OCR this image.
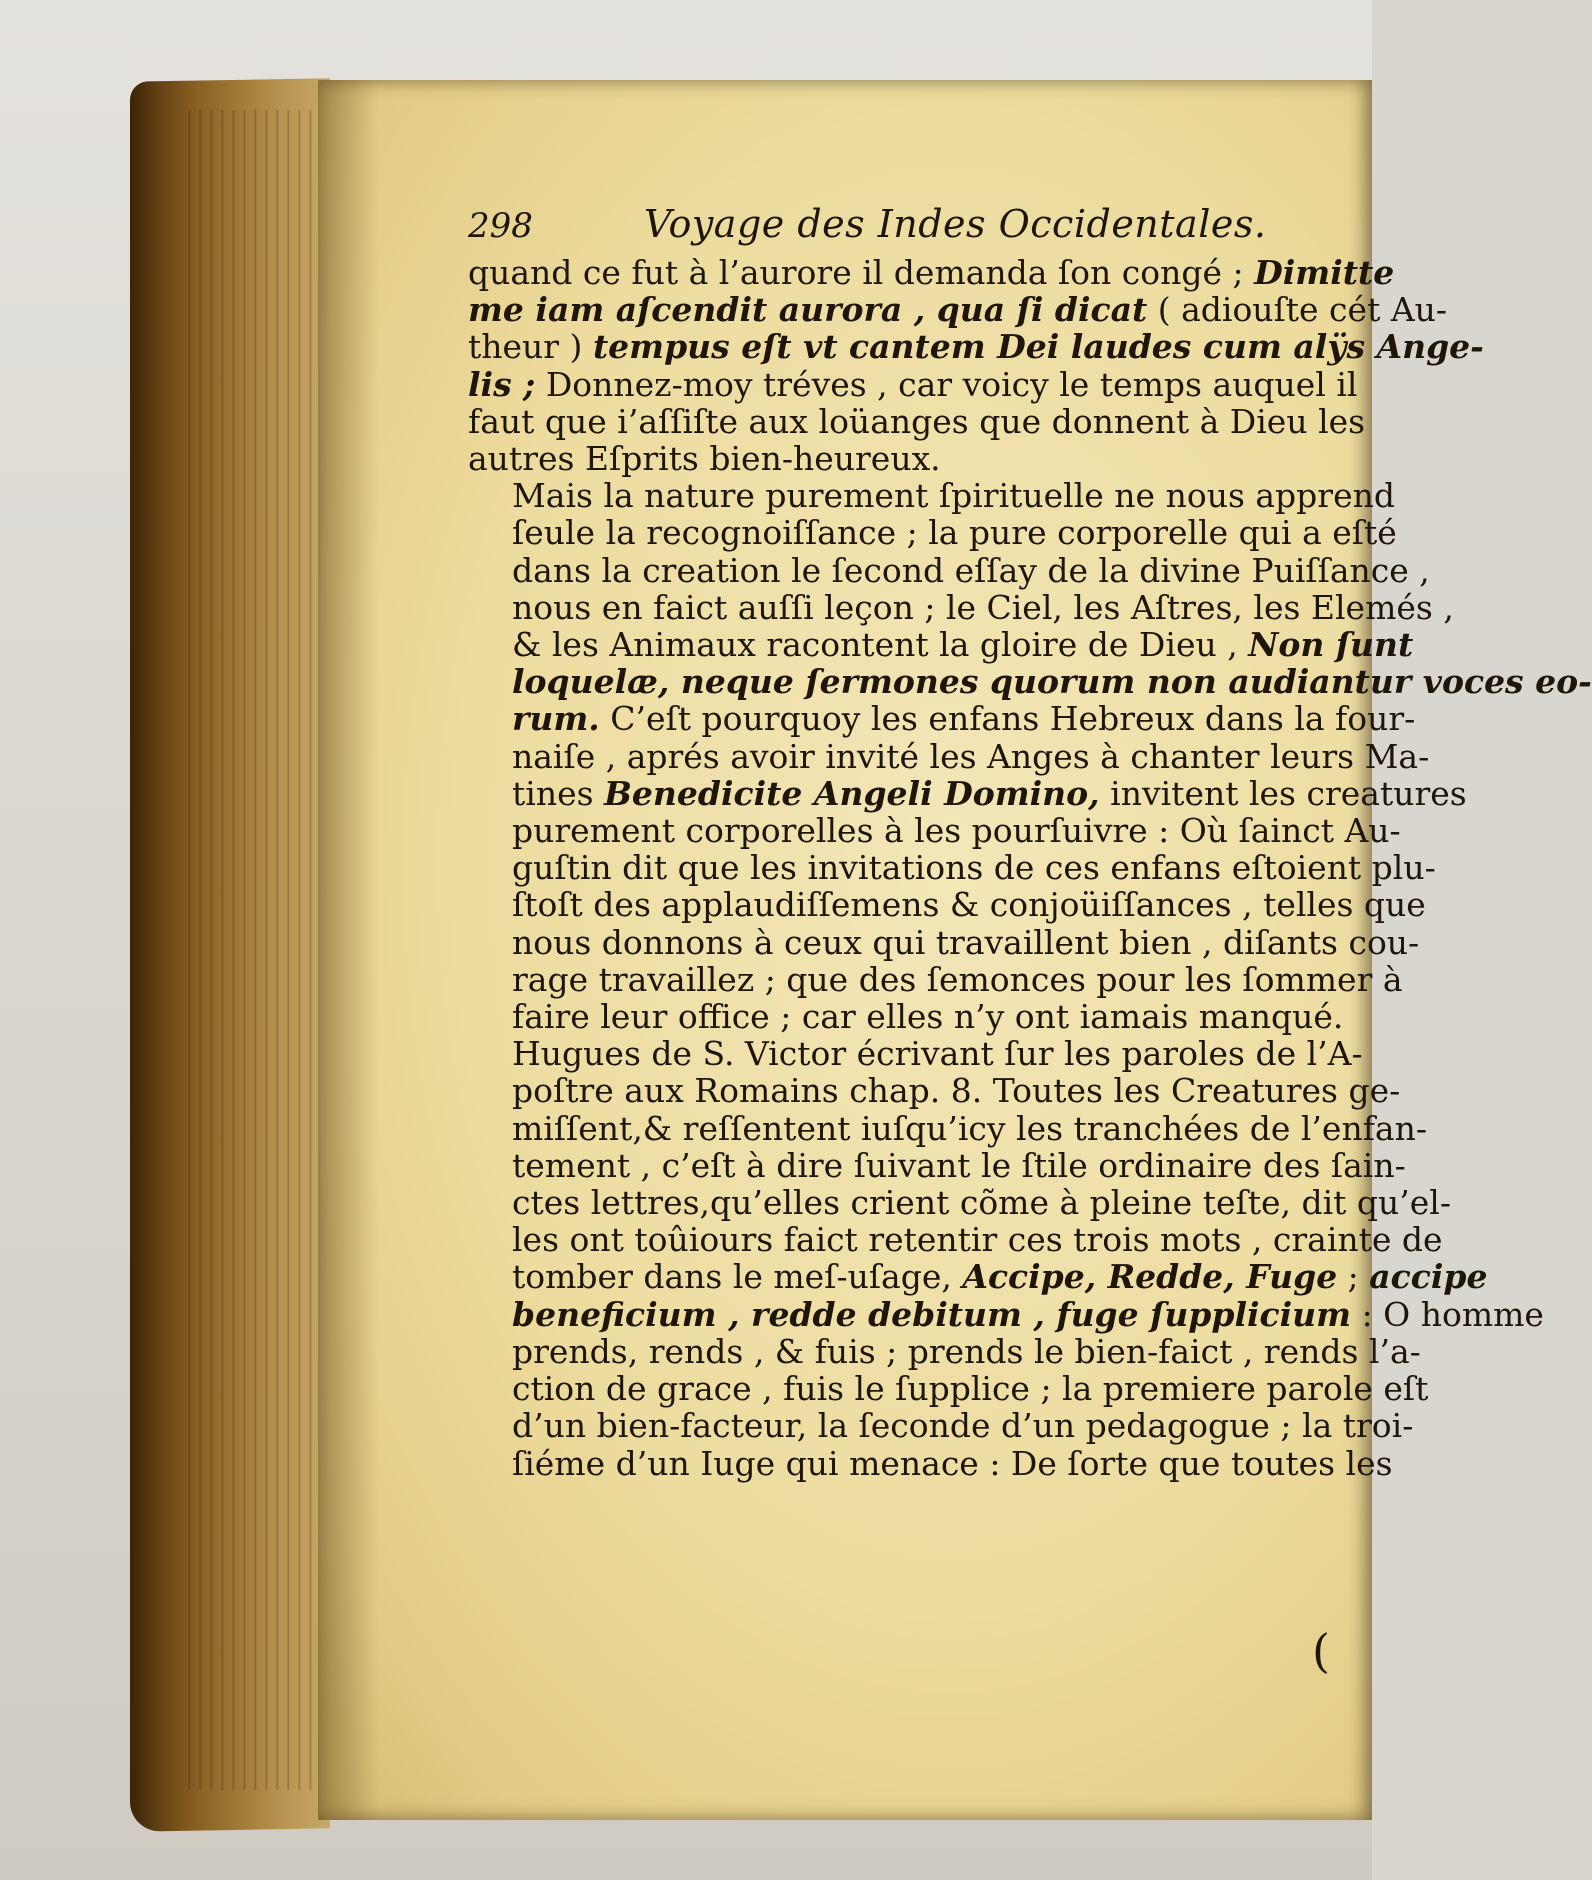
298	Voyage des Indes Occidentales.

quand ce fut à l’aurore il demanda ſon congé ; Dimitte
me iam aſcendit aurora , qua ſi dicat ( adiouſte cét Au-
theur ) tempus eſt vt cantem Dei laudes cum alÿs Ange-
lis ; Donnez-moy tréves , car voicy le temps auquel il
faut que i’aſſiſte aux loüanges que donnent à Dieu les
autres Eſprits bien-heureux.

Mais la nature purement ſpirituelle ne nous apprend
ſeule la recognoiſſance ; la pure corporelle qui a eſté
dans la creation le ſecond eſſay de la divine Puiſſance ,
nous en faict auſſi leçon ; le Ciel, les Aſtres, les Elemés ,
& les Animaux racontent la gloire de Dieu , Non ſunt
loquelæ, neque ſermones quorum non audiantur voces eo-
rum. C’eſt pourquoy les enfans Hebreux dans la four-
naiſe , aprés avoir invité les Anges à chanter leurs Ma-
tines Benedicite Angeli Domino, invitent les creatures
purement corporelles à les pourſuivre : Où ſainct Au-
guſtin dit que les invitations de ces enfans eſtoient plu-
ſtoſt des applaudiſſemens & conjoüiſſances , telles que
nous donnons à ceux qui travaillent bien , diſants cou-
rage travaillez ; que des ſemonces pour les ſommer à
faire leur office ; car elles n’y ont iamais manqué.

Hugues de S. Victor écrivant ſur les paroles de l’A-
poſtre aux Romains chap. 8. Toutes les Creatures ge-
miſſent,& reſſentent iuſqu’icy les tranchées de l’enfan-
tement , c’eſt à dire ſuivant le ſtile ordinaire des ſain-
ctes lettres,qu’elles crient cõme à pleine teſte, dit qu’el-
les ont toûiours faict retentir ces trois mots , crainte de
tomber dans le meſ-uſage, Accipe, Redde, Fuge ; accipe
beneficium , redde debitum , fuge ſupplicium : O homme
prends, rends , & fuis ; prends le bien-faict , rends l’a-
ction de grace , fuis le ſupplice ; la premiere parole eſt
d’un bien-facteur, la ſeconde d’un pedagogue ; la troi-
ſiéme d’un Iuge qui menace : De ſorte que toutes les

(
